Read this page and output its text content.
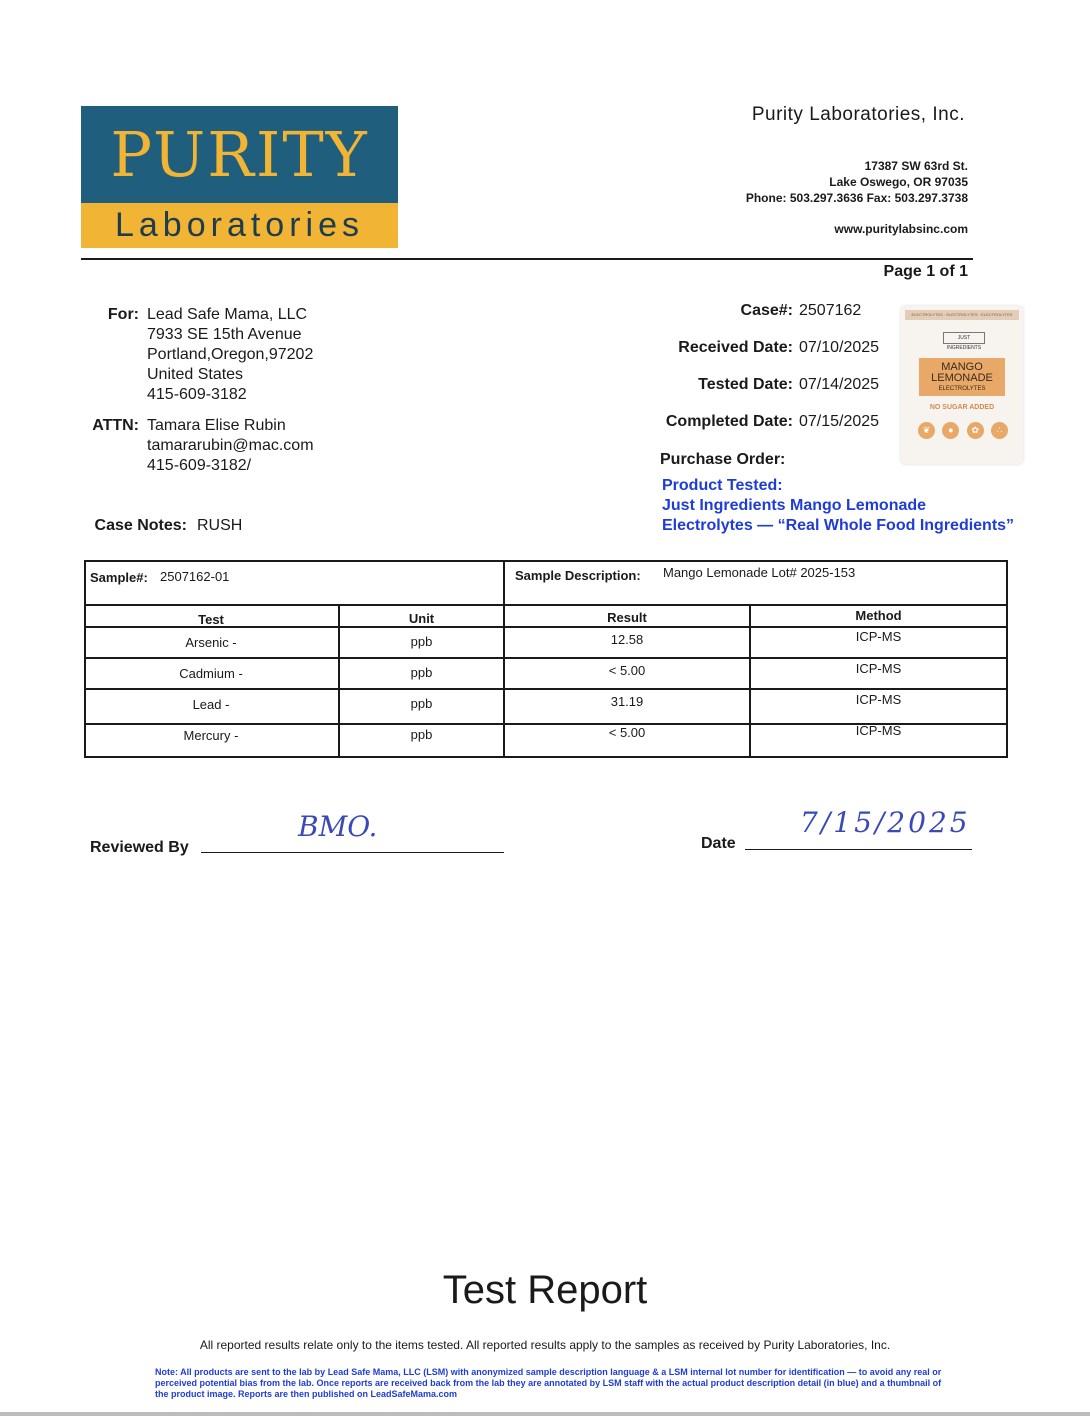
PURITY
Laboratories
Purity Laboratories, Inc.
17387 SW 63rd St.
Lake Oswego, OR 97035
Phone: 503.297.3636 Fax: 503.297.3738
www.puritylabsinc.com
Page 1 of 1
For: Lead Safe Mama, LLC
7933 SE 15th Avenue
Portland,Oregon,97202
United States
415-609-3182
ATTN: Tamara Elise Rubin
tamararubin@mac.com
415-609-3182/
Case Notes: RUSH
Case#: 2507162
Received Date: 07/10/2025
Tested Date: 07/14/2025
Completed Date: 07/15/2025
Purchase Order:
ELECTROLYTES · ELECTROLYTES · ELECTROLYTES
JUST INGREDIENTS
MANGO
LEMONADE
ELECTROLYTES
NO SUGAR ADDED
❦	●	✿	∴
Product Tested:
Just Ingredients Mango Lemonade
Electrolytes — “Real Whole Food Ingredients”
Sample#: 2507162-01	Sample Description: Mango Lemonade Lot# 2025-153
Test	Unit	Result	Method
Arsenic -	ppb	12.58	ICP-MS
Cadmium -	ppb	< 5.00	ICP-MS
Lead -	ppb	31.19	ICP-MS
Mercury -	ppb	< 5.00	ICP-MS
Reviewed By
BMO.
Date
7/15/2025
Test Report
All reported results relate only to the items tested. All reported results apply to the samples as received by Purity Laboratories, Inc.
Note: All products are sent to the lab by Lead Safe Mama, LLC (LSM) with anonymized sample description language & a LSM internal lot number for identification — to avoid any real or perceived potential bias from the lab. Once reports are received back from the lab they are annotated by LSM staff with the actual product description detail (in blue) and a thumbnail of the product image. Reports are then published on LeadSafeMama.com
